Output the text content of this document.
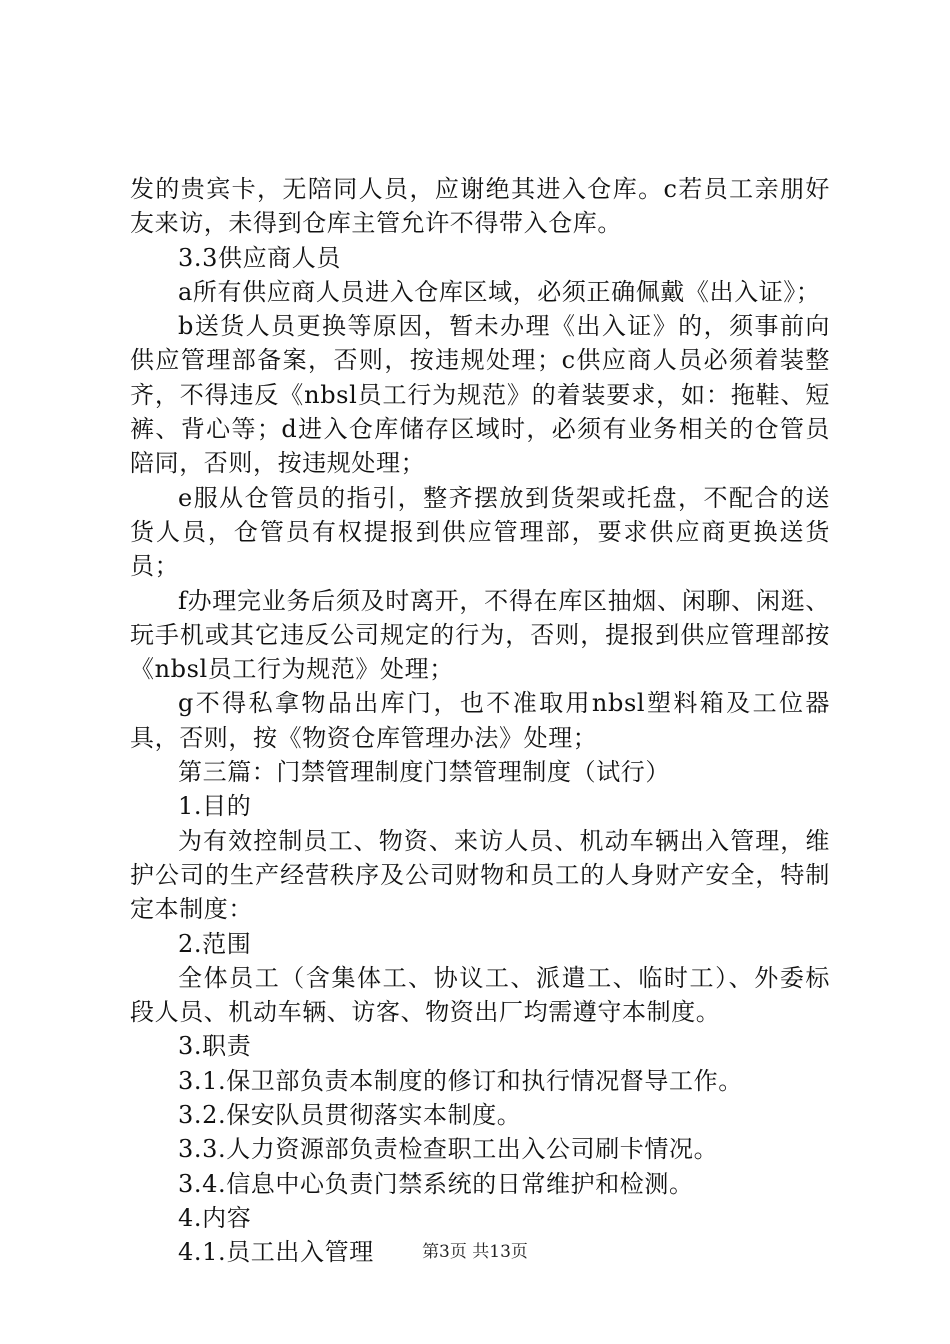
发的贵宾卡，无陪同人员，应谢绝其进入仓库。c若员工亲朋好友来访，未得到仓库主管允许不得带入仓库。

3.3供应商人员

a所有供应商人员进入仓库区域，必须正确佩戴《出入证》；

b送货人员更换等原因，暂未办理《出入证》的，须事前向供应管理部备案，否则，按违规处理；c供应商人员必须着装整齐，不得违反《nbsl员工行为规范》的着装要求，如：拖鞋、短裤、背心等；d进入仓库储存区域时，必须有业务相关的仓管员陪同，否则，按违规处理；

e服从仓管员的指引，整齐摆放到货架或托盘，不配合的送货人员，仓管员有权提报到供应管理部，要求供应商更换送货员；

f办理完业务后须及时离开，不得在库区抽烟、闲聊、闲逛、玩手机或其它违反公司规定的行为，否则，提报到供应管理部按《nbsl员工行为规范》处理；

g不得私拿物品出库门，也不准取用nbsl塑料箱及工位器具，否则，按《物资仓库管理办法》处理；

第三篇：门禁管理制度门禁管理制度（试行）

1.目的

为有效控制员工、物资、来访人员、机动车辆出入管理，维护公司的生产经营秩序及公司财物和员工的人身财产安全，特制定本制度：

2.范围

全体员工（含集体工、协议工、派遣工、临时工）、外委标段人员、机动车辆、访客、物资出厂均需遵守本制度。

3.职责

3.1.保卫部负责本制度的修订和执行情况督导工作。

3.2.保安队员贯彻落实本制度。

3.3.人力资源部负责检查职工出入公司刷卡情况。

3.4.信息中心负责门禁系统的日常维护和检测。

4.内容

4.1.员工出入管理	第3页 共13页
